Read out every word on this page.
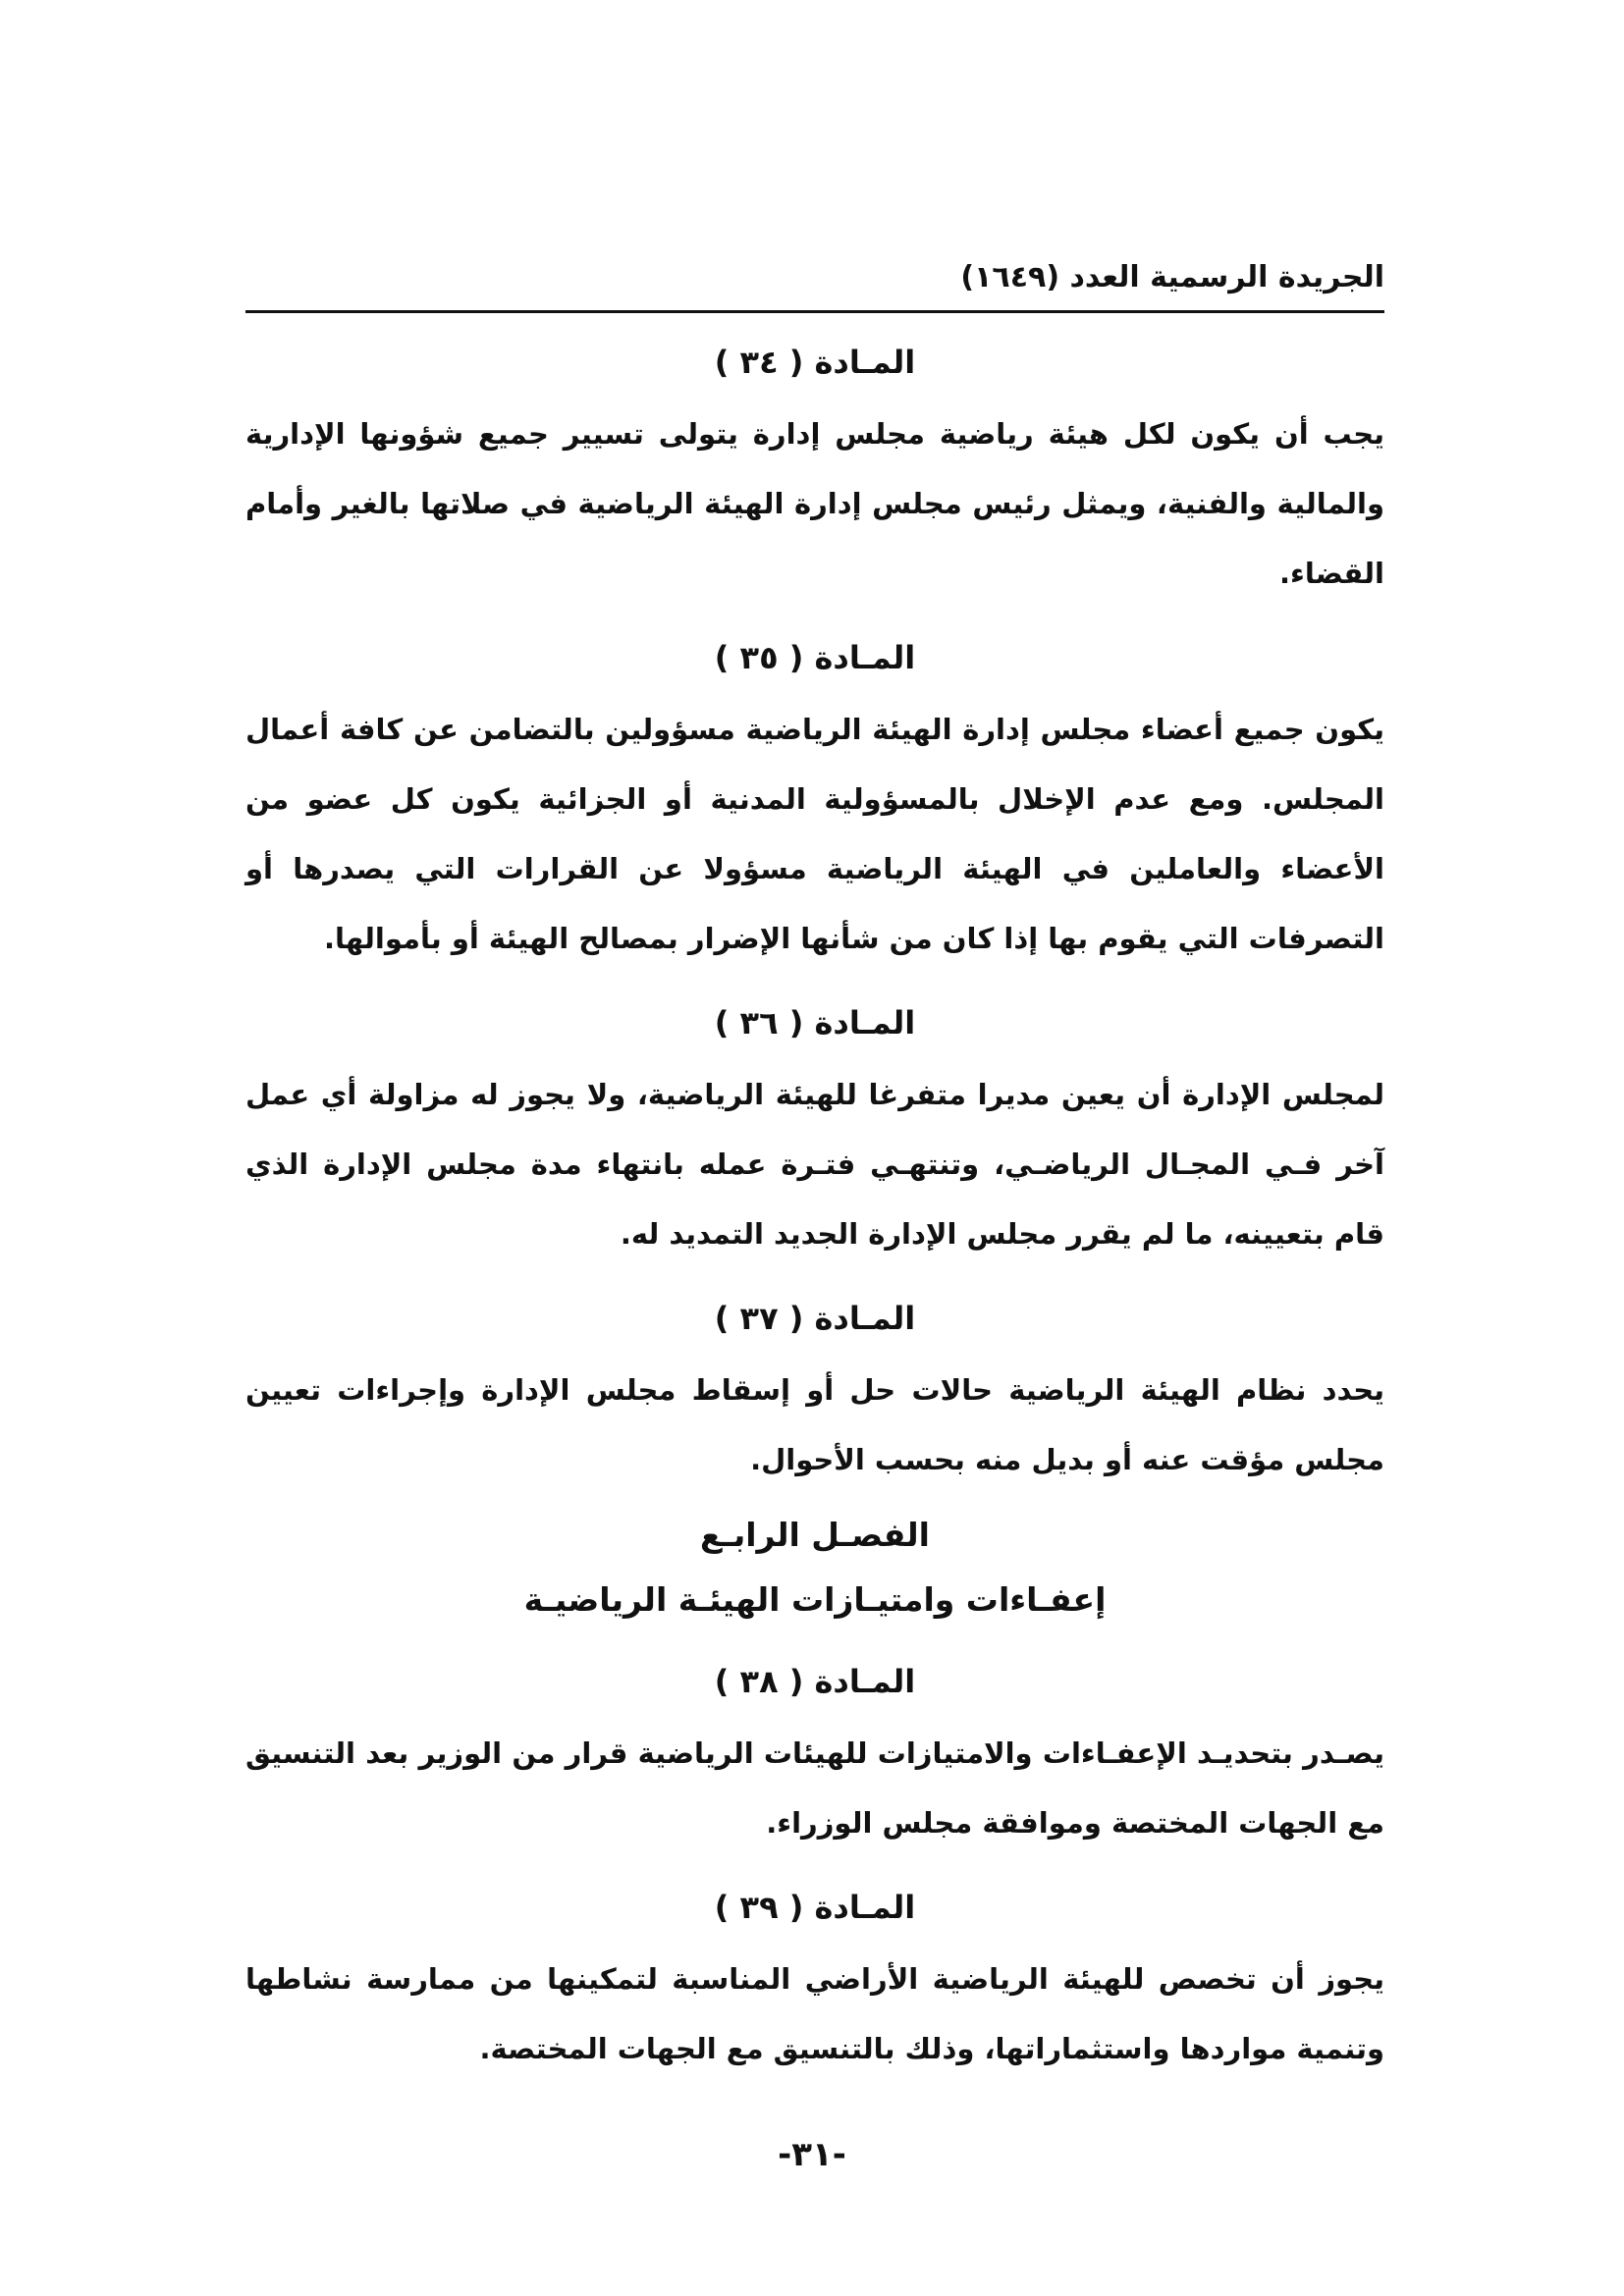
الجريدة الرسمية العدد (١٦٤٩)
المـادة ( ٣٤ )
يجب أن يكون لكل هيئة رياضية مجلس إدارة يتولى تسيير جميع شؤونها الإدارية والمالية والفنية، ويمثل رئيس مجلس إدارة الهيئة الرياضية في صلاتها بالغير وأمام القضاء.
المـادة ( ٣٥ )
يكون جميع أعضاء مجلس إدارة الهيئة الرياضية مسؤولين بالتضامن عن كافة أعمال المجلس. ومع عدم الإخلال بالمسؤولية المدنية أو الجزائية يكون كل عضو من الأعضاء والعاملين في الهيئة الرياضية مسؤولا عن القرارات التي يصدرها أو التصرفات التي يقوم بها إذا كان من شأنها الإضرار بمصالح الهيئة أو بأموالها.
المـادة ( ٣٦ )
لمجلس الإدارة أن يعين مديرا متفرغا للهيئة الرياضية، ولا يجوز له مزاولة أي عمل آخر فـي المجـال الرياضـي، وتنتهـي فتـرة عمله بانتهاء مدة مجلس الإدارة الذي قام بتعيينه، ما لم يقرر مجلس الإدارة الجديد التمديد له.
المـادة ( ٣٧ )
يحدد نظام الهيئة الرياضية حالات حل أو إسقاط مجلس الإدارة وإجراءات تعيين مجلس مؤقت عنه أو بديل منه بحسب الأحوال.
الفصـل الرابـع
إعفـاءات وامتيـازات الهيئـة الرياضيـة
المـادة ( ٣٨ )
يصـدر بتحديـد الإعفـاءات والامتيازات للهيئات الرياضية قرار من الوزير بعد التنسيق مع الجهات المختصة وموافقة مجلس الوزراء.
المـادة ( ٣٩ )
يجوز أن تخصص للهيئة الرياضية الأراضي المناسبة لتمكينها من ممارسة نشاطها وتنمية مواردها واستثماراتها، وذلك بالتنسيق مع الجهات المختصة.
-٣١-
